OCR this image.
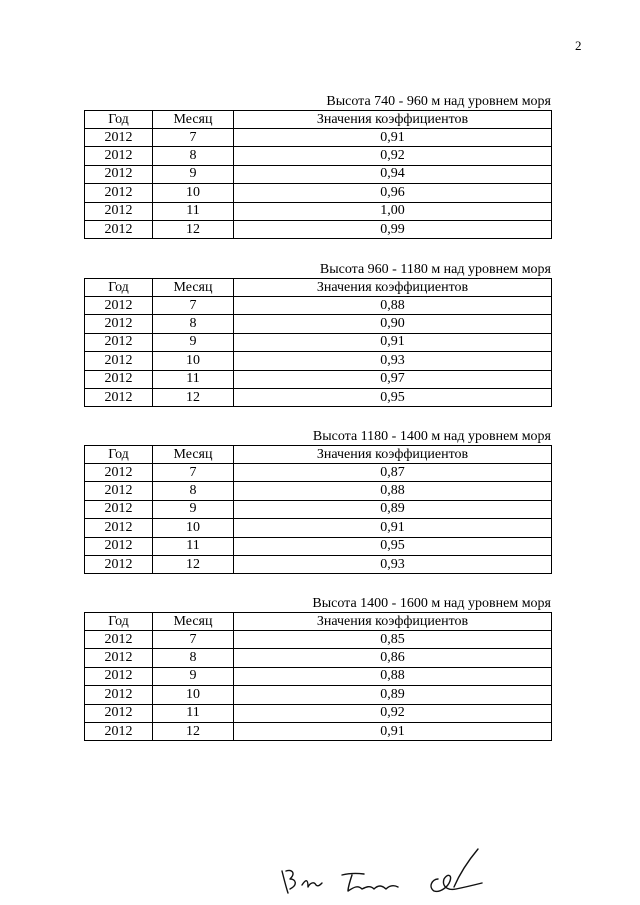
2
Высота 740 - 960 м над уровнем моря
Год	Месяц	Значения коэффициентов
2012	7	0,91
2012	8	0,92
2012	9	0,94
2012	10	0,96
2012	11	1,00
2012	12	0,99
Высота 960 - 1180 м над уровнем моря
Год	Месяц	Значения коэффициентов
2012	7	0,88
2012	8	0,90
2012	9	0,91
2012	10	0,93
2012	11	0,97
2012	12	0,95
Высота 1180 - 1400 м над уровнем моря
Год	Месяц	Значения коэффициентов
2012	7	0,87
2012	8	0,88
2012	9	0,89
2012	10	0,91
2012	11	0,95
2012	12	0,93
Высота 1400 - 1600 м над уровнем моря
Год	Месяц	Значения коэффициентов
2012	7	0,85
2012	8	0,86
2012	9	0,88
2012	10	0,89
2012	11	0,92
2012	12	0,91
